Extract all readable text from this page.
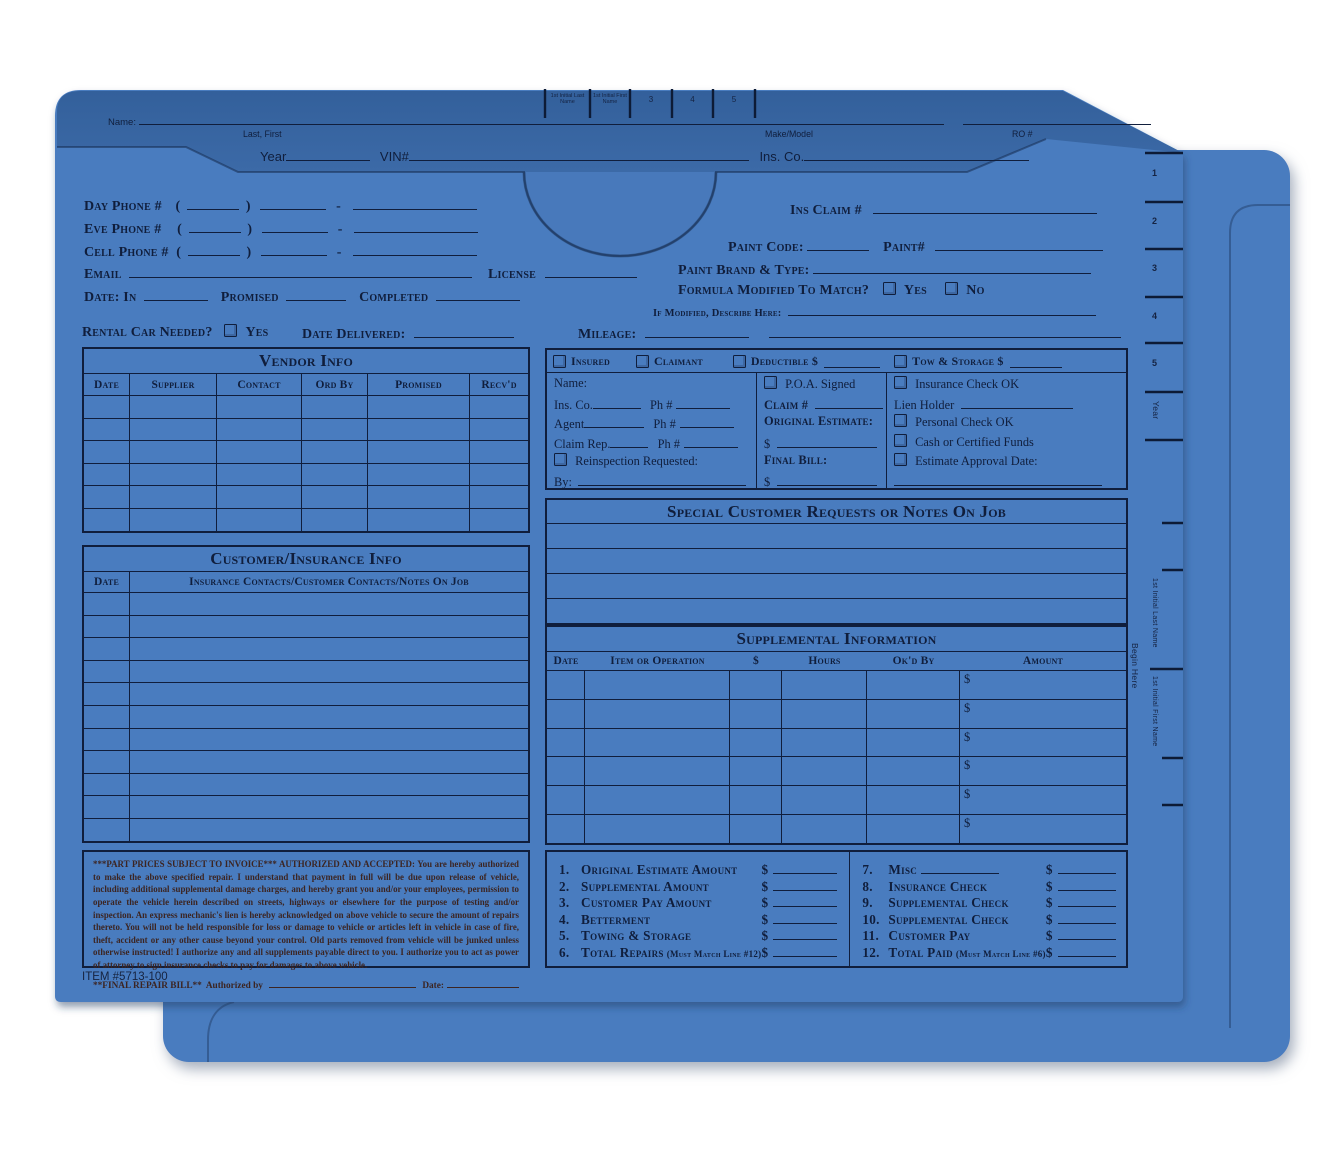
1st Initial Last Name
1st Initial First Name	3	4	5
Name:
Last, First	Make/Model	RO #
Year	VIN#	Ins. Co.
Day Phone # (	)	-
Eve Phone # (	)	-
Cell Phone # (	)	-
Email	License
Date: In	Promised	Completed
Ins Claim #
Paint Code:	Paint#
Paint Brand & Type:
Formula Modified To Match? Yes	No
If Modified, Describe Here:
Rental Car Needed? Yes Date Delivered:	Mileage:
Vendor Info
Date	Supplier	Contact	Ord By	Promised	Recv'd
Insured	Claimant	Deductible $	Tow & Storage $
Name:
Ins. Co.	Ph #
Agent	Ph #
Claim Rep.	Ph #
Reinspection Requested:
By:
P.O.A. Signed
Claim #
Original Estimate:
$
Final Bill:
$
Insurance Check OK
Lien Holder
Personal Check OK
Cash or Certified Funds
Estimate Approval Date:
Special Customer Requests or Notes On Job
Customer/Insurance Info
Date	Insurance Contacts/Customer Contacts/Notes On Job
Supplemental Information
Date	Item or Operation	$	Hours	Ok'd By	Amount
$
$
$
$
$
$
***PART PRICES SUBJECT TO INVOICE*** AUTHORIZED AND ACCEPTED: You are hereby authorized to make the above specified repair. I understand that payment in full will be due upon release of vehicle, including additional supplemental damage charges, and hereby grant you and/or your employees, permission to operate the vehicle herein described on streets, highways or elsewhere for the purpose of testing and/or inspection. An express mechanic's lien is hereby acknowledged on above vehicle to secure the amount of repairs thereto. You will not be held responsible for loss or damage to vehicle or articles left in vehicle in case of fire, theft, accident or any other cause beyond your control. Old parts removed from vehicle will be junked unless otherwise instructed! I authorize any and all supplements payable direct to you. I authorize you to act as power of attorney to sign insurance checks to pay for damages to above vehicle.
**FINAL REPAIR BILL** Authorized by	Date:
ITEM #5713-100
1. Original Estimate Amount $
2. Supplemental Amount	$
3. Customer Pay Amount	$
4. Betterment	$
5. Towing & Storage	$
6. Total Repairs (Must Match Line #12) $
7.	Misc	$
8.	Insurance Check	$
9.	Supplemental Check	$
10. Supplemental Check	$
11. Customer Pay	$
12. Total Paid (Must Match Line #6) $
1
2
3
4
5
Year
1st Initial Last Name
Begin Here
1st Initial First Name
